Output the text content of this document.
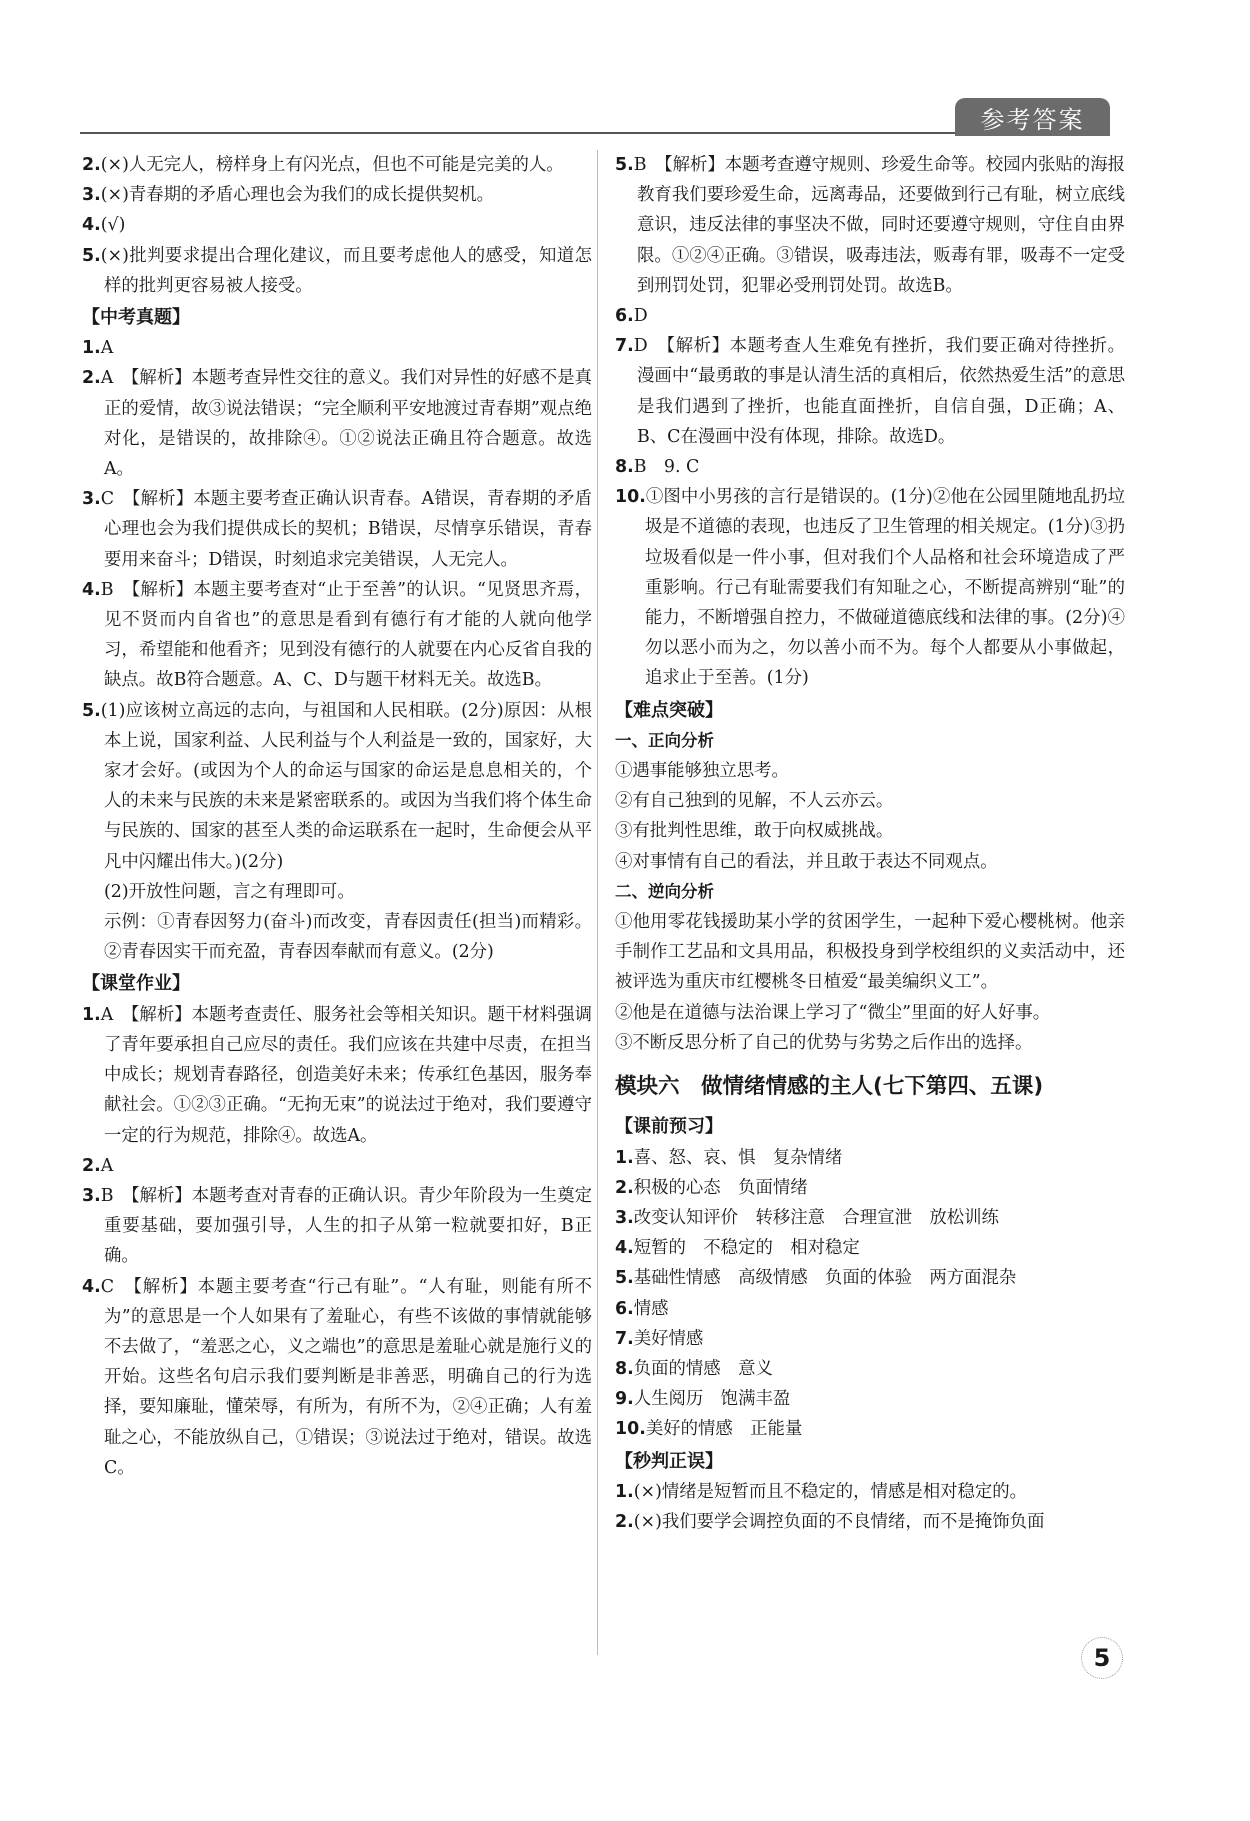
参考答案

2.(×)人无完人，榜样身上有闪光点，但也不可能是完美的人。

3.(×)青春期的矛盾心理也会为我们的成长提供契机。

4.(√)

5.(×)批判要求提出合理化建议，而且要考虑他人的感受，知道怎样的批判更容易被人接受。

【中考真题】

1.A

2.A　【解析】本题考查异性交往的意义。我们对异性的好感不是真正的爱情，故③说法错误；“完全顺利平安地渡过青春期”观点绝对化，是错误的，故排除④。①②说法正确且符合题意。故选A。

3.C　【解析】本题主要考查正确认识青春。A错误，青春期的矛盾心理也会为我们提供成长的契机；B错误，尽情享乐错误，青春要用来奋斗；D错误，时刻追求完美错误，人无完人。

4.B　【解析】本题主要考查对“止于至善”的认识。“见贤思齐焉，见不贤而内自省也”的意思是看到有德行有才能的人就向他学习，希望能和他看齐；见到没有德行的人就要在内心反省自我的缺点。故B符合题意。A、C、D与题干材料无关。故选B。

5.(1)应该树立高远的志向，与祖国和人民相联。(2分)原因：从根本上说，国家利益、人民利益与个人利益是一致的，国家好，大家才会好。(或因为个人的命运与国家的命运是息息相关的，个人的未来与民族的未来是紧密联系的。或因为当我们将个体生命与民族的、国家的甚至人类的命运联系在一起时，生命便会从平凡中闪耀出伟大。)(2分)

(2)开放性问题，言之有理即可。

示例：①青春因努力(奋斗)而改变，青春因责任(担当)而精彩。②青春因实干而充盈，青春因奉献而有意义。(2分)

【课堂作业】

1.A　【解析】本题考查责任、服务社会等相关知识。题干材料强调了青年要承担自己应尽的责任。我们应该在共建中尽责，在担当中成长；规划青春路径，创造美好未来；传承红色基因，服务奉献社会。①②③正确。“无拘无束”的说法过于绝对，我们要遵守一定的行为规范，排除④。故选A。

2.A

3.B　【解析】本题考查对青春的正确认识。青少年阶段为一生奠定重要基础，要加强引导，人生的扣子从第一粒就要扣好，B正确。

4.C　【解析】本题主要考查“行己有耻”。“人有耻，则能有所不为”的意思是一个人如果有了羞耻心，有些不该做的事情就能够不去做了，“羞恶之心，义之端也”的意思是羞耻心就是施行义的开始。这些名句启示我们要判断是非善恶，明确自己的行为选择，要知廉耻，懂荣辱，有所为，有所不为，②④正确；人有羞耻之心，不能放纵自己，①错误；③说法过于绝对，错误。故选C。

5.B　【解析】本题考查遵守规则、珍爱生命等。校园内张贴的海报教育我们要珍爱生命，远离毒品，还要做到行己有耻，树立底线意识，违反法律的事坚决不做，同时还要遵守规则，守住自由界限。①②④正确。③错误，吸毒违法，贩毒有罪，吸毒不一定受到刑罚处罚，犯罪必受刑罚处罚。故选B。

6.D

7.D　【解析】本题考查人生难免有挫折，我们要正确对待挫折。漫画中“最勇敢的事是认清生活的真相后，依然热爱生活”的意思是我们遇到了挫折，也能直面挫折，自信自强，D正确；A、B、C在漫画中没有体现，排除。故选D。

8.B　9. C

10.①图中小男孩的言行是错误的。(1分)②他在公园里随地乱扔垃圾是不道德的表现，也违反了卫生管理的相关规定。(1分)③扔垃圾看似是一件小事，但对我们个人品格和社会环境造成了严重影响。行己有耻需要我们有知耻之心，不断提高辨别“耻”的能力，不断增强自控力，不做碰道德底线和法律的事。(2分)④勿以恶小而为之，勿以善小而不为。每个人都要从小事做起，追求止于至善。(1分)

【难点突破】

一、正向分析

①遇事能够独立思考。

②有自己独到的见解，不人云亦云。

③有批判性思维，敢于向权威挑战。

④对事情有自己的看法，并且敢于表达不同观点。

二、逆向分析

①他用零花钱援助某小学的贫困学生，一起种下爱心樱桃树。他亲手制作工艺品和文具用品，积极投身到学校组织的义卖活动中，还被评选为重庆市红樱桃冬日植爱“最美编织义工”。

②他是在道德与法治课上学习了“微尘”里面的好人好事。

③不断反思分析了自己的优势与劣势之后作出的选择。

模块六　做情绪情感的主人(七下第四、五课)

【课前预习】

1.喜、怒、哀、惧　复杂情绪

2.积极的心态　负面情绪

3.改变认知评价　转移注意　合理宣泄　放松训练

4.短暂的　不稳定的　相对稳定

5.基础性情感　高级情感　负面的体验　两方面混杂

6.情感

7.美好情感

8.负面的情感　意义

9.人生阅历　饱满丰盈

10.美好的情感　正能量

【秒判正误】

1.(×)情绪是短暂而且不稳定的，情感是相对稳定的。

2.(×)我们要学会调控负面的不良情绪，而不是掩饰负面

5
